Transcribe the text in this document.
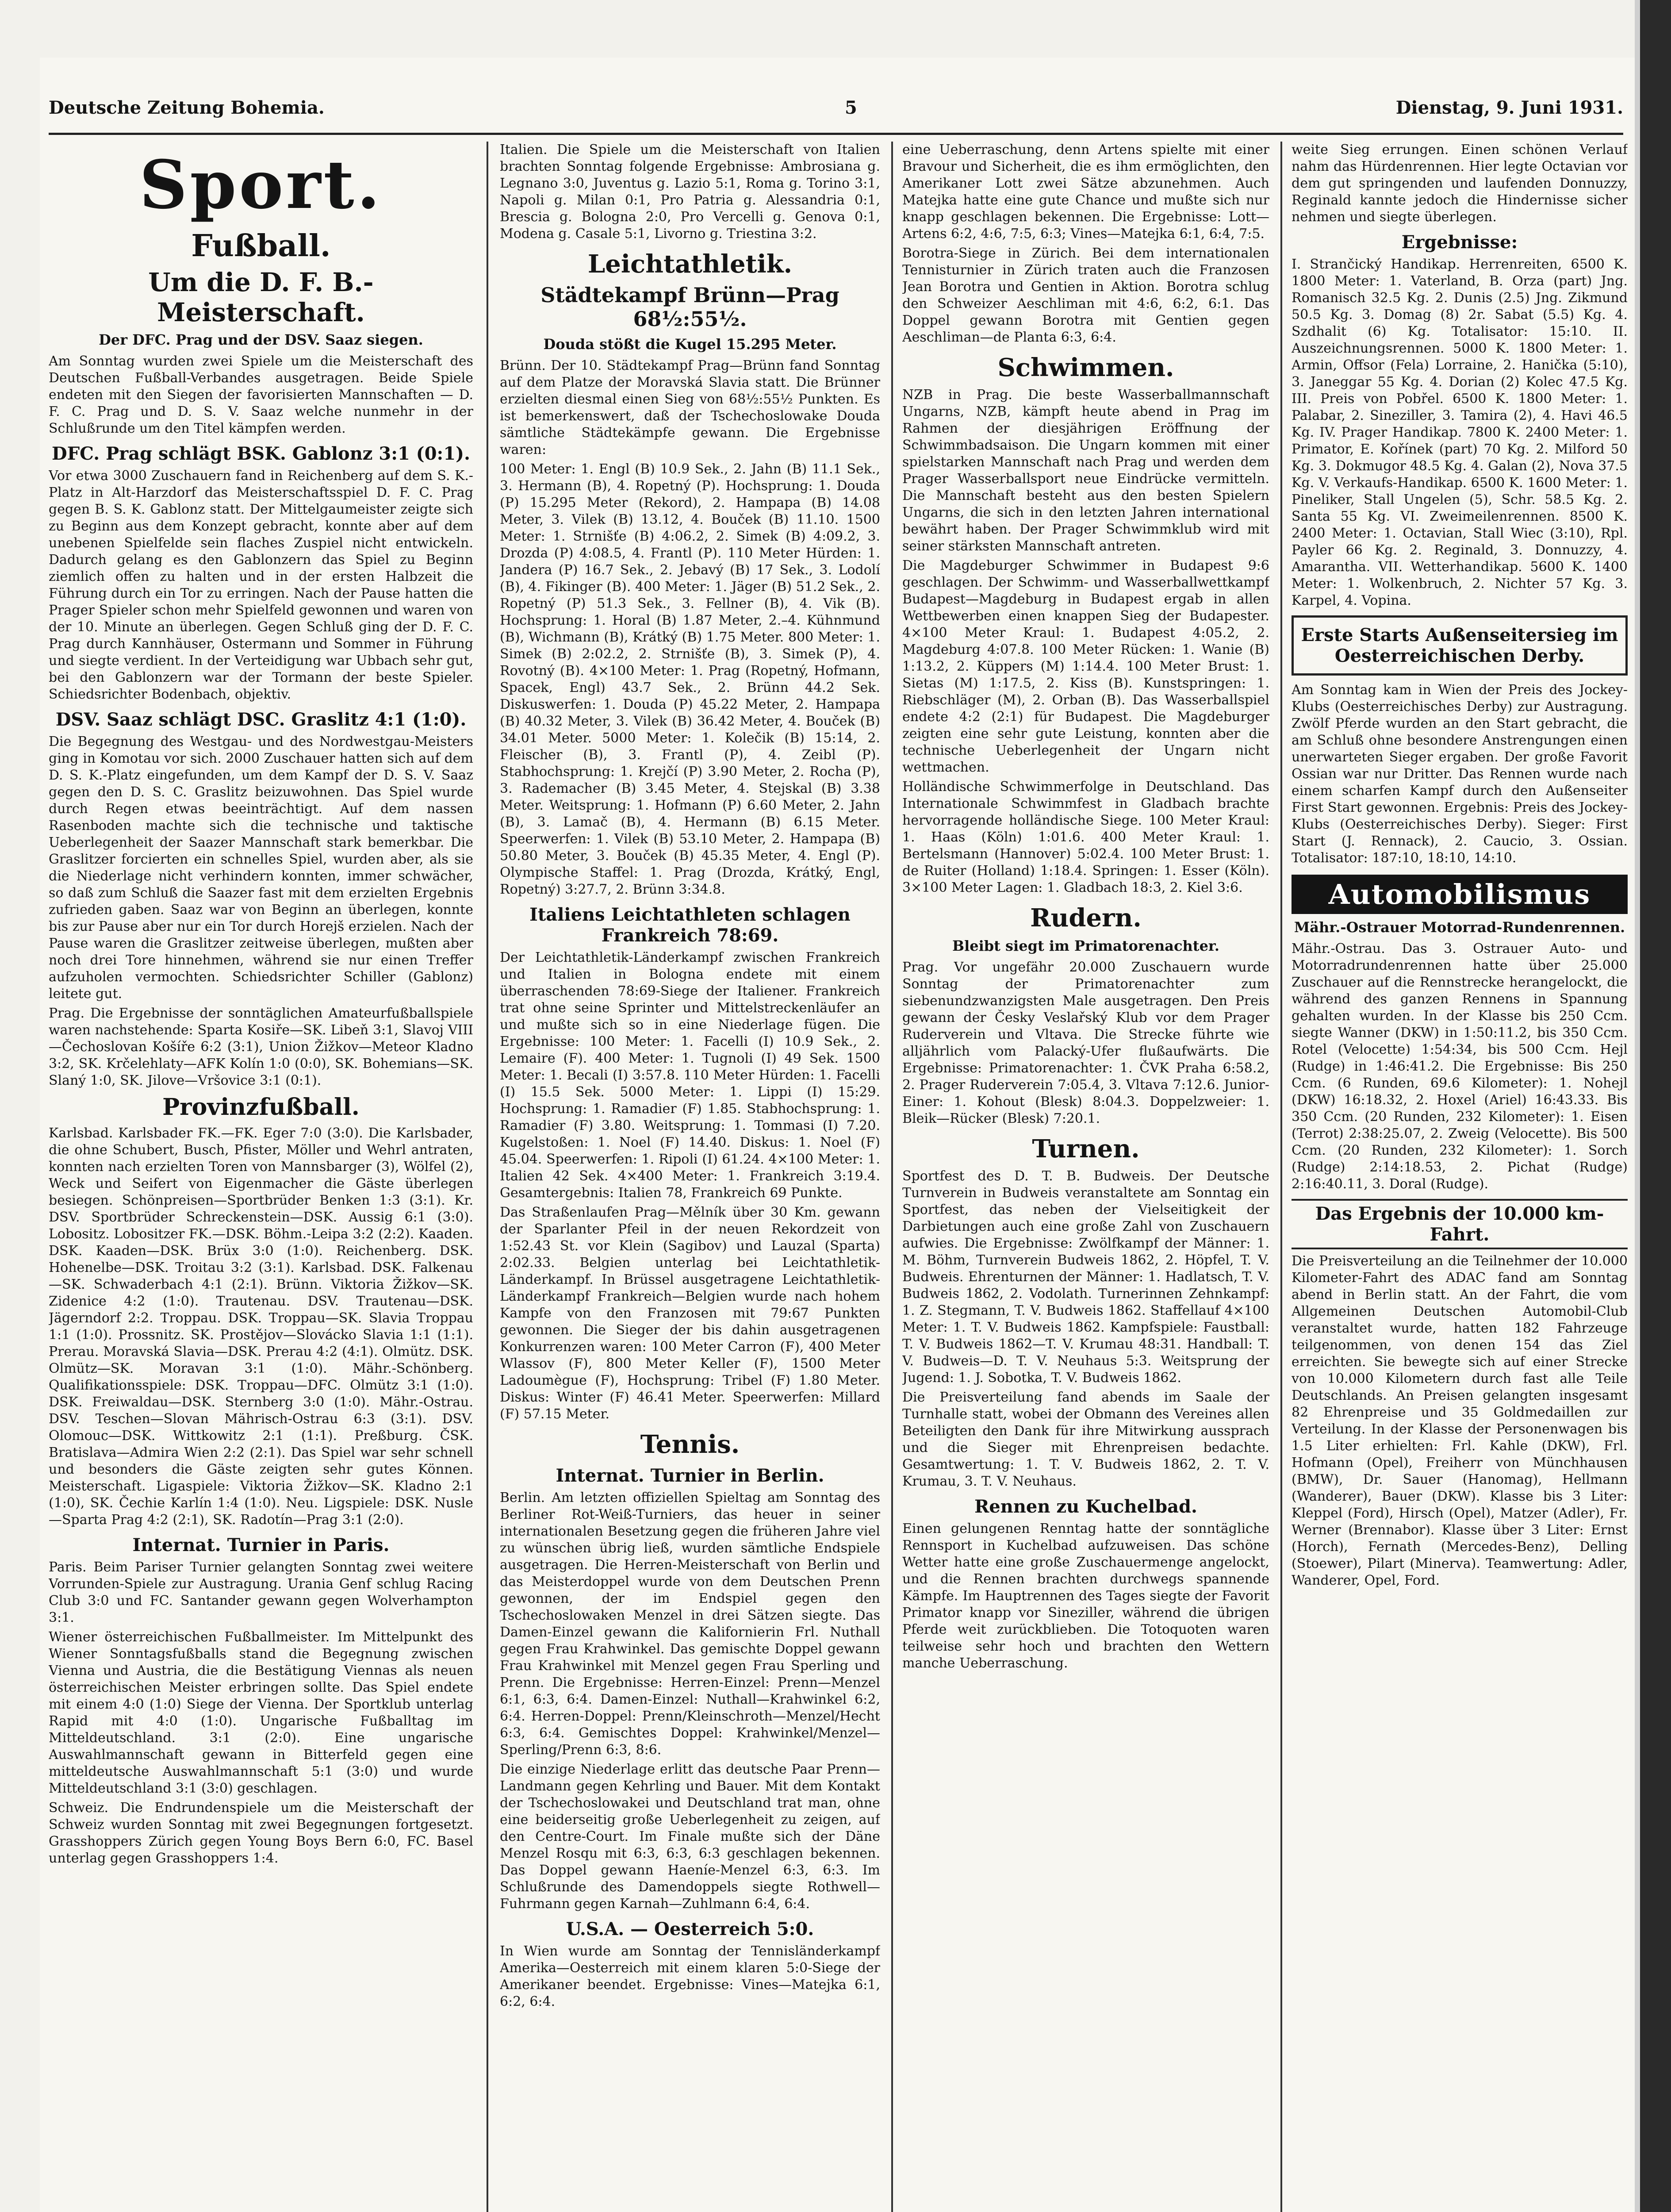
Deutsche Zeitung Bohemia.	5	Dienstag, 9. Juni 1931.
Sport.
Fußball.
Um die D. F. B.-Meisterschaft.
Der DFC. Prag und der DSV. Saaz siegen.

Am Sonntag wurden zwei Spiele um die Meisterschaft des Deutschen Fußball-Verbandes ausgetragen. Beide Spiele endeten mit den Siegen der favorisierten Mannschaften — D. F. C. Prag und D. S. V. Saaz welche nunmehr in der Schlußrunde um den Titel kämpfen werden.

DFC. Prag schlägt BSK. Gablonz 3:1 (0:1).

Vor etwa 3000 Zuschauern fand in Reichenberg auf dem S. K.-Platz in Alt-Harzdorf das Meisterschaftsspiel D. F. C. Prag gegen B. S. K. Gablonz statt. Der Mittelgaumeister zeigte sich zu Beginn aus dem Konzept gebracht, konnte aber auf dem unebenen Spielfelde sein flaches Zuspiel nicht entwickeln. Dadurch gelang es den Gablonzern das Spiel zu Beginn ziemlich offen zu halten und in der ersten Halbzeit die Führung durch ein Tor zu erringen. Nach der Pause hatten die Prager Spieler schon mehr Spielfeld gewonnen und waren von der 10. Minute an überlegen. Gegen Schluß ging der D. F. C. Prag durch Kannhäuser, Ostermann und Sommer in Führung und siegte verdient. In der Verteidigung war Ubbach sehr gut, bei den Gablonzern war der Tormann der beste Spieler. Schiedsrichter Bodenbach, objektiv.

DSV. Saaz schlägt DSC. Graslitz 4:1 (1:0).

Die Begegnung des Westgau- und des Nordwestgau-Meisters ging in Komotau vor sich. 2000 Zuschauer hatten sich auf dem D. S. K.-Platz eingefunden, um dem Kampf der D. S. V. Saaz gegen den D. S. C. Graslitz beizuwohnen. Das Spiel wurde durch Regen etwas beeinträchtigt. Auf dem nassen Rasenboden machte sich die technische und taktische Ueberlegenheit der Saazer Mannschaft stark bemerkbar. Die Graslitzer forcierten ein schnelles Spiel, wurden aber, als sie die Niederlage nicht verhindern konnten, immer schwächer, so daß zum Schluß die Saazer fast mit dem erzielten Ergebnis zufrieden gaben. Saaz war von Beginn an überlegen, konnte bis zur Pause aber nur ein Tor durch Horejš erzielen. Nach der Pause waren die Graslitzer zeitweise überlegen, mußten aber noch drei Tore hinnehmen, während sie nur einen Treffer aufzuholen vermochten. Schiedsrichter Schiller (Gablonz) leitete gut.

Prag. Die Ergebnisse der sonntäglichen Amateurfußballspiele waren nachstehende: Sparta Kosiře—SK. Libeň 3:1, Slavoj VIII—Čechoslovan Košíře 6:2 (3:1), Union Žižkov—Meteor Kladno 3:2, SK. Krčelehlaty—AFK Kolín 1:0 (0:0), SK. Bohemians—SK. Slaný 1:0, SK. Jilove—Vršovice 3:1 (0:1).

Provinzfußball.

Karlsbad. Karlsbader FK.—FK. Eger 7:0 (3:0). Die Karlsbader, die ohne Schubert, Busch, Pfister, Möller und Wehrl antraten, konnten nach erzielten Toren von Mannsbarger (3), Wölfel (2), Weck und Seifert von Eigenmacher die Gäste überlegen besiegen. Schönpreisen—Sportbrüder Benken 1:3 (3:1). Kr. DSV. Sportbrüder Schreckenstein—DSK. Aussig 6:1 (3:0). Lobositz. Lobositzer FK.—DSK. Böhm.-Leipa 3:2 (2:2). Kaaden. DSK. Kaaden—DSK. Brüx 3:0 (1:0). Reichenberg. DSK. Hohenelbe—DSK. Troitau 3:2 (3:1). Karlsbad. DSK. Falkenau—SK. Schwaderbach 4:1 (2:1). Brünn. Viktoria Žižkov—SK. Zidenice 4:2 (1:0). Trautenau. DSV. Trautenau—DSK. Jägerndorf 2:2. Troppau. DSK. Troppau—SK. Slavia Troppau 1:1 (1:0). Prossnitz. SK. Prostějov—Slovácko Slavia 1:1 (1:1). Prerau. Moravská Slavia—DSK. Prerau 4:2 (4:1). Olmütz. DSK. Olmütz—SK. Moravan 3:1 (1:0). Mähr.-Schönberg. Qualifikationsspiele: DSK. Troppau—DFC. Olmütz 3:1 (1:0). DSK. Freiwaldau—DSK. Sternberg 3:0 (1:0). Mähr.-Ostrau. DSV. Teschen—Slovan Mährisch-Ostrau 6:3 (3:1). DSV. Olomouc—DSK. Wittkowitz 2:1 (1:1). Preßburg. ČSK. Bratislava—Admira Wien 2:2 (2:1). Das Spiel war sehr schnell und besonders die Gäste zeigten sehr gutes Können. Meisterschaft. Ligaspiele: Viktoria Žižkov—SK. Kladno 2:1 (1:0), SK. Čechie Karlín 1:4 (1:0). Neu. Ligspiele: DSK. Nusle—Sparta Prag 4:2 (2:1), SK. Radotín—Prag 3:1 (2:0).

Internat. Turnier in Paris.

Paris. Beim Pariser Turnier gelangten Sonntag zwei weitere Vorrunden-Spiele zur Austragung. Urania Genf schlug Racing Club 3:0 und FC. Santander gewann gegen Wolverhampton 3:1.

Wiener österreichischen Fußballmeister. Im Mittelpunkt des Wiener Sonntagsfußballs stand die Begegnung zwischen Vienna und Austria, die die Bestätigung Viennas als neuen österreichischen Meister erbringen sollte. Das Spiel endete mit einem 4:0 (1:0) Siege der Vienna. Der Sportklub unterlag Rapid mit 4:0 (1:0). Ungarische Fußballtag im Mitteldeutschland. 3:1 (2:0). Eine ungarische Auswahlmannschaft gewann in Bitterfeld gegen eine mitteldeutsche Auswahlmannschaft 5:1 (3:0) und wurde Mitteldeutschland 3:1 (3:0) geschlagen.

Schweiz. Die Endrundenspiele um die Meisterschaft der Schweiz wurden Sonntag mit zwei Begegnungen fortgesetzt. Grasshoppers Zürich gegen Young Boys Bern 6:0, FC. Basel unterlag gegen Grasshoppers 1:4.

Italien. Die Spiele um die Meisterschaft von Italien brachten Sonntag folgende Ergebnisse: Ambrosiana g. Legnano 3:0, Juventus g. Lazio 5:1, Roma g. Torino 3:1, Napoli g. Milan 0:1, Pro Patria g. Alessandria 0:1, Brescia g. Bologna 2:0, Pro Vercelli g. Genova 0:1, Modena g. Casale 5:1, Livorno g. Triestina 3:2.

Leichtathletik.
Städtekampf Brünn—Prag 68½:55½.
Douda stößt die Kugel 15.295 Meter.

Brünn. Der 10. Städtekampf Prag—Brünn fand Sonntag auf dem Platze der Moravská Slavia statt. Die Brünner erzielten diesmal einen Sieg von 68½:55½ Punkten. Es ist bemerkenswert, daß der Tschechoslowake Douda sämtliche Städtekämpfe gewann. Die Ergebnisse waren:

100 Meter: 1. Engl (B) 10.9 Sek., 2. Jahn (B) 11.1 Sek., 3. Hermann (B), 4. Ropetný (P). Hochsprung: 1. Douda (P) 15.295 Meter (Rekord), 2. Hampapa (B) 14.08 Meter, 3. Vilek (B) 13.12, 4. Bouček (B) 11.10. 1500 Meter: 1. Strnišťe (B) 4:06.2, 2. Simek (B) 4:09.2, 3. Drozda (P) 4:08.5, 4. Frantl (P). 110 Meter Hürden: 1. Jandera (P) 16.7 Sek., 2. Jebavý (B) 17 Sek., 3. Lodolí (B), 4. Fikinger (B). 400 Meter: 1. Jäger (B) 51.2 Sek., 2. Ropetný (P) 51.3 Sek., 3. Fellner (B), 4. Vik (B). Hochsprung: 1. Horal (B) 1.87 Meter, 2.–4. Kühnmund (B), Wichmann (B), Krátký (B) 1.75 Meter. 800 Meter: 1. Simek (B) 2:02.2, 2. Strnišťe (B), 3. Simek (P), 4. Rovotný (B). 4×100 Meter: 1. Prag (Ropetný, Hofmann, Spacek, Engl) 43.7 Sek., 2. Brünn 44.2 Sek. Diskuswerfen: 1. Douda (P) 45.22 Meter, 2. Hampapa (B) 40.32 Meter, 3. Vilek (B) 36.42 Meter, 4. Bouček (B) 34.01 Meter. 5000 Meter: 1. Kolečik (B) 15:14, 2. Fleischer (B), 3. Frantl (P), 4. Zeibl (P). Stabhochsprung: 1. Krejčí (P) 3.90 Meter, 2. Rocha (P), 3. Rademacher (B) 3.45 Meter, 4. Stejskal (B) 3.38 Meter. Weitsprung: 1. Hofmann (P) 6.60 Meter, 2. Jahn (B), 3. Lamač (B), 4. Hermann (B) 6.15 Meter. Speerwerfen: 1. Vilek (B) 53.10 Meter, 2. Hampapa (B) 50.80 Meter, 3. Bouček (B) 45.35 Meter, 4. Engl (P). Olympische Staffel: 1. Prag (Drozda, Krátký, Engl, Ropetný) 3:27.7, 2. Brünn 3:34.8.

Italiens Leichtathleten schlagen Frankreich 78:69.

Der Leichtathletik-Länderkampf zwischen Frankreich und Italien in Bologna endete mit einem überraschenden 78:69-Siege der Italiener. Frankreich trat ohne seine Sprinter und Mittelstreckenläufer an und mußte sich so in eine Niederlage fügen. Die Ergebnisse: 100 Meter: 1. Facelli (I) 10.9 Sek., 2. Lemaire (F). 400 Meter: 1. Tugnoli (I) 49 Sek. 1500 Meter: 1. Becali (I) 3:57.8. 110 Meter Hürden: 1. Facelli (I) 15.5 Sek. 5000 Meter: 1. Lippi (I) 15:29. Hochsprung: 1. Ramadier (F) 1.85. Stabhochsprung: 1. Ramadier (F) 3.80. Weitsprung: 1. Tommasi (I) 7.20. Kugelstoßen: 1. Noel (F) 14.40. Diskus: 1. Noel (F) 45.04. Speerwerfen: 1. Ripoli (I) 61.24. 4×100 Meter: 1. Italien 42 Sek. 4×400 Meter: 1. Frankreich 3:19.4. Gesamtergebnis: Italien 78, Frankreich 69 Punkte.

Das Straßenlaufen Prag—Mělník über 30 Km. gewann der Sparlanter Pfeil in der neuen Rekordzeit von 1:52.43 St. vor Klein (Sagibov) und Lauzal (Sparta) 2:02.33. Belgien unterlag bei Leichtathletik-Länderkampf. In Brüssel ausgetragene Leichtathletik-Länderkampf Frankreich—Belgien wurde nach hohem Kampfe von den Franzosen mit 79:67 Punkten gewonnen. Die Sieger der bis dahin ausgetragenen Konkurrenzen waren: 100 Meter Carron (F), 400 Meter Wlassov (F), 800 Meter Keller (F), 1500 Meter Ladoumègue (F), Hochsprung: Tribel (F) 1.80 Meter. Diskus: Winter (F) 46.41 Meter. Speerwerfen: Millard (F) 57.15 Meter.

Tennis.
Internat. Turnier in Berlin.

Berlin. Am letzten offiziellen Spieltag am Sonntag des Berliner Rot-Weiß-Turniers, das heuer in seiner internationalen Besetzung gegen die früheren Jahre viel zu wünschen übrig ließ, wurden sämtliche Endspiele ausgetragen. Die Herren-Meisterschaft von Berlin und das Meisterdoppel wurde von dem Deutschen Prenn gewonnen, der im Endspiel gegen den Tschechoslowaken Menzel in drei Sätzen siegte. Das Damen-Einzel gewann die Kalifornierin Frl. Nuthall gegen Frau Krahwinkel. Das gemischte Doppel gewann Frau Krahwinkel mit Menzel gegen Frau Sperling und Prenn. Die Ergebnisse: Herren-Einzel: Prenn—Menzel 6:1, 6:3, 6:4. Damen-Einzel: Nuthall—Krahwinkel 6:2, 6:4. Herren-Doppel: Prenn/Kleinschroth—Menzel/Hecht 6:3, 6:4. Gemischtes Doppel: Krahwinkel/Menzel—Sperling/Prenn 6:3, 8:6.

Die einzige Niederlage erlitt das deutsche Paar Prenn—Landmann gegen Kehrling und Bauer. Mit dem Kontakt der Tschechoslowakei und Deutschland trat man, ohne eine beiderseitig große Ueberlegenheit zu zeigen, auf den Centre-Court. Im Finale mußte sich der Däne Menzel Rosqu mit 6:3, 6:3, 6:3 geschlagen bekennen. Das Doppel gewann Haeníe-Menzel 6:3, 6:3. Im Schlußrunde des Damendoppels siegte Rothwell—Fuhrmann gegen Karnah—Zuhlmann 6:4, 6:4.

U.S.A. — Oesterreich 5:0.

In Wien wurde am Sonntag der Tennisländerkampf Amerika—Oesterreich mit einem klaren 5:0-Siege der Amerikaner beendet. Ergebnisse: Vines—Matejka 6:1, 6:2, 6:4.

eine Ueberraschung, denn Artens spielte mit einer Bravour und Sicherheit, die es ihm ermöglichten, den Amerikaner Lott zwei Sätze abzunehmen. Auch Matejka hatte eine gute Chance und mußte sich nur knapp geschlagen bekennen. Die Ergebnisse: Lott—Artens 6:2, 4:6, 7:5, 6:3; Vines—Matejka 6:1, 6:4, 7:5.

Borotra-Siege in Zürich. Bei dem internationalen Tennisturnier in Zürich traten auch die Franzosen Jean Borotra und Gentien in Aktion. Borotra schlug den Schweizer Aeschliman mit 4:6, 6:2, 6:1. Das Doppel gewann Borotra mit Gentien gegen Aeschliman—de Planta 6:3, 6:4.

Schwimmen.

NZB in Prag. Die beste Wasserballmannschaft Ungarns, NZB, kämpft heute abend in Prag im Rahmen der diesjährigen Eröffnung der Schwimmbadsaison. Die Ungarn kommen mit einer spielstarken Mannschaft nach Prag und werden dem Prager Wasserballsport neue Eindrücke vermitteln. Die Mannschaft besteht aus den besten Spielern Ungarns, die sich in den letzten Jahren international bewährt haben. Der Prager Schwimmklub wird mit seiner stärksten Mannschaft antreten.

Die Magdeburger Schwimmer in Budapest 9:6 geschlagen. Der Schwimm- und Wasserballwettkampf Budapest—Magdeburg in Budapest ergab in allen Wettbewerben einen knappen Sieg der Budapester. 4×100 Meter Kraul: 1. Budapest 4:05.2, 2. Magdeburg 4:07.8. 100 Meter Rücken: 1. Wanie (B) 1:13.2, 2. Küppers (M) 1:14.4. 100 Meter Brust: 1. Sietas (M) 1:17.5, 2. Kiss (B). Kunstspringen: 1. Riebschläger (M), 2. Orban (B). Das Wasserballspiel endete 4:2 (2:1) für Budapest. Die Magdeburger zeigten eine sehr gute Leistung, konnten aber die technische Ueberlegenheit der Ungarn nicht wettmachen.

Holländische Schwimmerfolge in Deutschland. Das Internationale Schwimmfest in Gladbach brachte hervorragende holländische Siege. 100 Meter Kraul: 1. Haas (Köln) 1:01.6. 400 Meter Kraul: 1. Bertelsmann (Hannover) 5:02.4. 100 Meter Brust: 1. de Ruiter (Holland) 1:18.4. Springen: 1. Esser (Köln). 3×100 Meter Lagen: 1. Gladbach 18:3, 2. Kiel 3:6.

Rudern.
Bleibt siegt im Primatorenachter.

Prag. Vor ungefähr 20.000 Zuschauern wurde Sonntag der Primatorenachter zum siebenundzwanzigsten Male ausgetragen. Den Preis gewann der Česky Veslařský Klub vor dem Prager Ruderverein und Vltava. Die Strecke führte wie alljährlich vom Palacký-Ufer flußaufwärts. Die Ergebnisse: Primatorenachter: 1. ČVK Praha 6:58.2, 2. Prager Ruderverein 7:05.4, 3. Vltava 7:12.6. Junior-Einer: 1. Kohout (Blesk) 8:04.3. Doppelzweier: 1. Bleik—Rücker (Blesk) 7:20.1.

Turnen.

Sportfest des D. T. B. Budweis. Der Deutsche Turnverein in Budweis veranstaltete am Sonntag ein Sportfest, das neben der Vielseitigkeit der Darbietungen auch eine große Zahl von Zuschauern aufwies. Die Ergebnisse: Zwölfkampf der Männer: 1. M. Böhm, Turnverein Budweis 1862, 2. Höpfel, T. V. Budweis. Ehrenturnen der Männer: 1. Hadlatsch, T. V. Budweis 1862, 2. Vodolath. Turnerinnen Zehnkampf: 1. Z. Stegmann, T. V. Budweis 1862. Staffellauf 4×100 Meter: 1. T. V. Budweis 1862. Kampfspiele: Faustball: T. V. Budweis 1862—T. V. Krumau 48:31. Handball: T. V. Budweis—D. T. V. Neuhaus 5:3. Weitsprung der Jugend: 1. J. Sobotka, T. V. Budweis 1862.

Die Preisverteilung fand abends im Saale der Turnhalle statt, wobei der Obmann des Vereines allen Beteiligten den Dank für ihre Mitwirkung aussprach und die Sieger mit Ehrenpreisen bedachte. Gesamtwertung: 1. T. V. Budweis 1862, 2. T. V. Krumau, 3. T. V. Neuhaus.

Rennen zu Kuchelbad.

Einen gelungenen Renntag hatte der sonntägliche Rennsport in Kuchelbad aufzuweisen. Das schöne Wetter hatte eine große Zuschauermenge angelockt, und die Rennen brachten durchwegs spannende Kämpfe. Im Hauptrennen des Tages siegte der Favorit Primator knapp vor Sineziller, während die übrigen Pferde weit zurückblieben. Die Totoquoten waren teilweise sehr hoch und brachten den Wettern manche Ueberraschung.

weite Sieg errungen. Einen schönen Verlauf nahm das Hürdenrennen. Hier legte Octavian vor dem gut springenden und laufenden Donnuzzy, Reginald kannte jedoch die Hindernisse sicher nehmen und siegte überlegen.

Ergebnisse:

I. Strančický Handikap. Herrenreiten, 6500 K. 1800 Meter: 1. Vaterland, B. Orza (part) Jng. Romanisch 32.5 Kg. 2. Dunis (2.5) Jng. Zikmund 50.5 Kg. 3. Domag (8) 2r. Sabat (5.5) Kg. 4. Szdhalit (6) Kg. Totalisator: 15:10. II. Auszeichnungsrennen. 5000 K. 1800 Meter: 1. Armin, Offsor (Fela) Lorraine, 2. Hanička (5:10), 3. Janeggar 55 Kg. 4. Dorian (2) Kolec 47.5 Kg. III. Preis von Pobřel. 6500 K. 1800 Meter: 1. Palabar, 2. Sineziller, 3. Tamira (2), 4. Havi 46.5 Kg. IV. Prager Handikap. 7800 K. 2400 Meter: 1. Primator, E. Kořínek (part) 70 Kg. 2. Milford 50 Kg. 3. Dokmugor 48.5 Kg. 4. Galan (2), Nova 37.5 Kg. V. Verkaufs-Handikap. 6500 K. 1600 Meter: 1. Pineliker, Stall Ungelen (5), Schr. 58.5 Kg. 2. Santa 55 Kg. VI. Zweimeilenrennen. 8500 K. 2400 Meter: 1. Octavian, Stall Wiec (3:10), Rpl. Payler 66 Kg. 2. Reginald, 3. Donnuzzy, 4. Amarantha. VII. Wetterhandikap. 5600 K. 1400 Meter: 1. Wolkenbruch, 2. Nichter 57 Kg. 3. Karpel, 4. Vopina.

Erste Starts Außenseitersieg im Oesterreichischen Derby.

Am Sonntag kam in Wien der Preis des Jockey-Klubs (Oesterreichisches Derby) zur Austragung. Zwölf Pferde wurden an den Start gebracht, die am Schluß ohne besondere Anstrengungen einen unerwarteten Sieger ergaben. Der große Favorit Ossian war nur Dritter. Das Rennen wurde nach einem scharfen Kampf durch den Außenseiter First Start gewonnen. Ergebnis: Preis des Jockey-Klubs (Oesterreichisches Derby). Sieger: First Start (J. Rennack), 2. Caucio, 3. Ossian. Totalisator: 187:10, 18:10, 14:10.

Automobilismus
Mähr.-Ostrauer Motorrad-Rundenrennen.

Mähr.-Ostrau. Das 3. Ostrauer Auto- und Motorradrundenrennen hatte über 25.000 Zuschauer auf die Rennstrecke herangelockt, die während des ganzen Rennens in Spannung gehalten wurden. In der Klasse bis 250 Ccm. siegte Wanner (DKW) in 1:50:11.2, bis 350 Ccm. Rotel (Velocette) 1:54:34, bis 500 Ccm. Hejl (Rudge) in 1:46:41.2. Die Ergebnisse: Bis 250 Ccm. (6 Runden, 69.6 Kilometer): 1. Nohejl (DKW) 16:18.32, 2. Hoxel (Ariel) 16:43.33. Bis 350 Ccm. (20 Runden, 232 Kilometer): 1. Eisen (Terrot) 2:38:25.07, 2. Zweig (Velocette). Bis 500 Ccm. (20 Runden, 232 Kilometer): 1. Sorch (Rudge) 2:14:18.53, 2. Pichat (Rudge) 2:16:40.11, 3. Doral (Rudge).

Das Ergebnis der 10.000 km-Fahrt.

Die Preisverteilung an die Teilnehmer der 10.000 Kilometer-Fahrt des ADAC fand am Sonntag abend in Berlin statt. An der Fahrt, die vom Allgemeinen Deutschen Automobil-Club veranstaltet wurde, hatten 182 Fahrzeuge teilgenommen, von denen 154 das Ziel erreichten. Sie bewegte sich auf einer Strecke von 10.000 Kilometern durch fast alle Teile Deutschlands. An Preisen gelangten insgesamt 82 Ehrenpreise und 35 Goldmedaillen zur Verteilung. In der Klasse der Personenwagen bis 1.5 Liter erhielten: Frl. Kahle (DKW), Frl. Hofmann (Opel), Freiherr von Münchhausen (BMW), Dr. Sauer (Hanomag), Hellmann (Wanderer), Bauer (DKW). Klasse bis 3 Liter: Kleppel (Ford), Hirsch (Opel), Matzer (Adler), Fr. Werner (Brennabor). Klasse über 3 Liter: Ernst (Horch), Fernath (Mercedes-Benz), Delling (Stoewer), Pilart (Minerva). Teamwertung: Adler, Wanderer, Opel, Ford.
